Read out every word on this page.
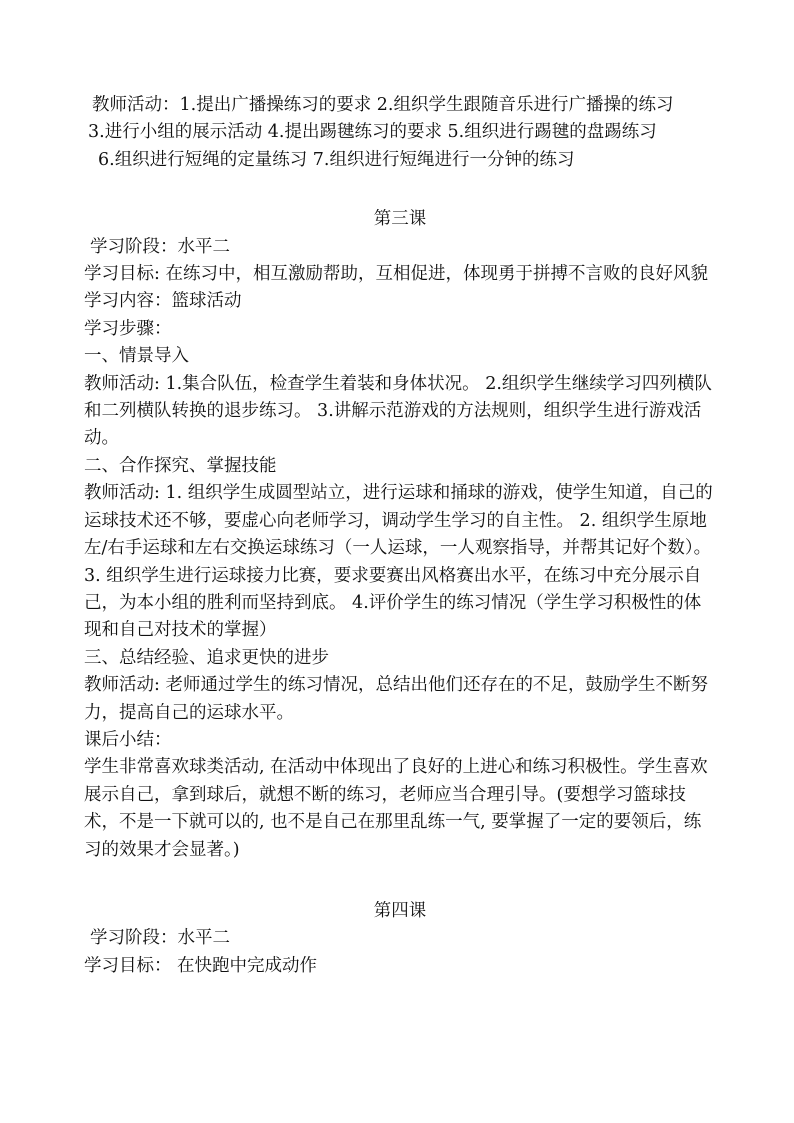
教师活动：1.提出广播操练习的要求 2.组织学生跟随音乐进行广播操的练习

3.进行小组的展示活动 4.提出踢毽练习的要求 5.组织进行踢毽的盘踢练习

6.组织进行短绳的定量练习 7.组织进行短绳进行一分钟的练习

第三课

学习阶段：水平二

学习目标: 在练习中，相互激励帮助，互相促进，体现勇于拼搏不言败的良好风貌

学习内容：篮球活动

学习步骤：

一、情景导入

教师活动: 1.集合队伍，检查学生着装和身体状况。 2.组织学生继续学习四列横队和二列横队转换的退步练习。 3.讲解示范游戏的方法规则，组织学生进行游戏活动。

二、合作探究、掌握技能

教师活动: 1. 组织学生成圆型站立，进行运球和捅球的游戏，使学生知道，自己的运球技术还不够，要虚心向老师学习，调动学生学习的自主性。 2. 组织学生原地左/右手运球和左右交换运球练习（一人运球，一人观察指导，并帮其记好个数）。3. 组织学生进行运球接力比赛，要求要赛出风格赛出水平，在练习中充分展示自己，为本小组的胜利而坚持到底。 4.评价学生的练习情况（学生学习积极性的体现和自己对技术的掌握）

三、总结经验、追求更快的进步

教师活动: 老师通过学生的练习情况，总结出他们还存在的不足，鼓励学生不断努力，提高自己的运球水平。

课后小结：

学生非常喜欢球类活动, 在活动中体现出了良好的上进心和练习积极性。学生喜欢展示自己，拿到球后，就想不断的练习，老师应当合理引导。(要想学习篮球技术，不是一下就可以的, 也不是自己在那里乱练一气, 要掌握了一定的要领后，练习的效果才会显著。)

第四课

学习阶段：水平二

学习目标： 在快跑中完成动作
